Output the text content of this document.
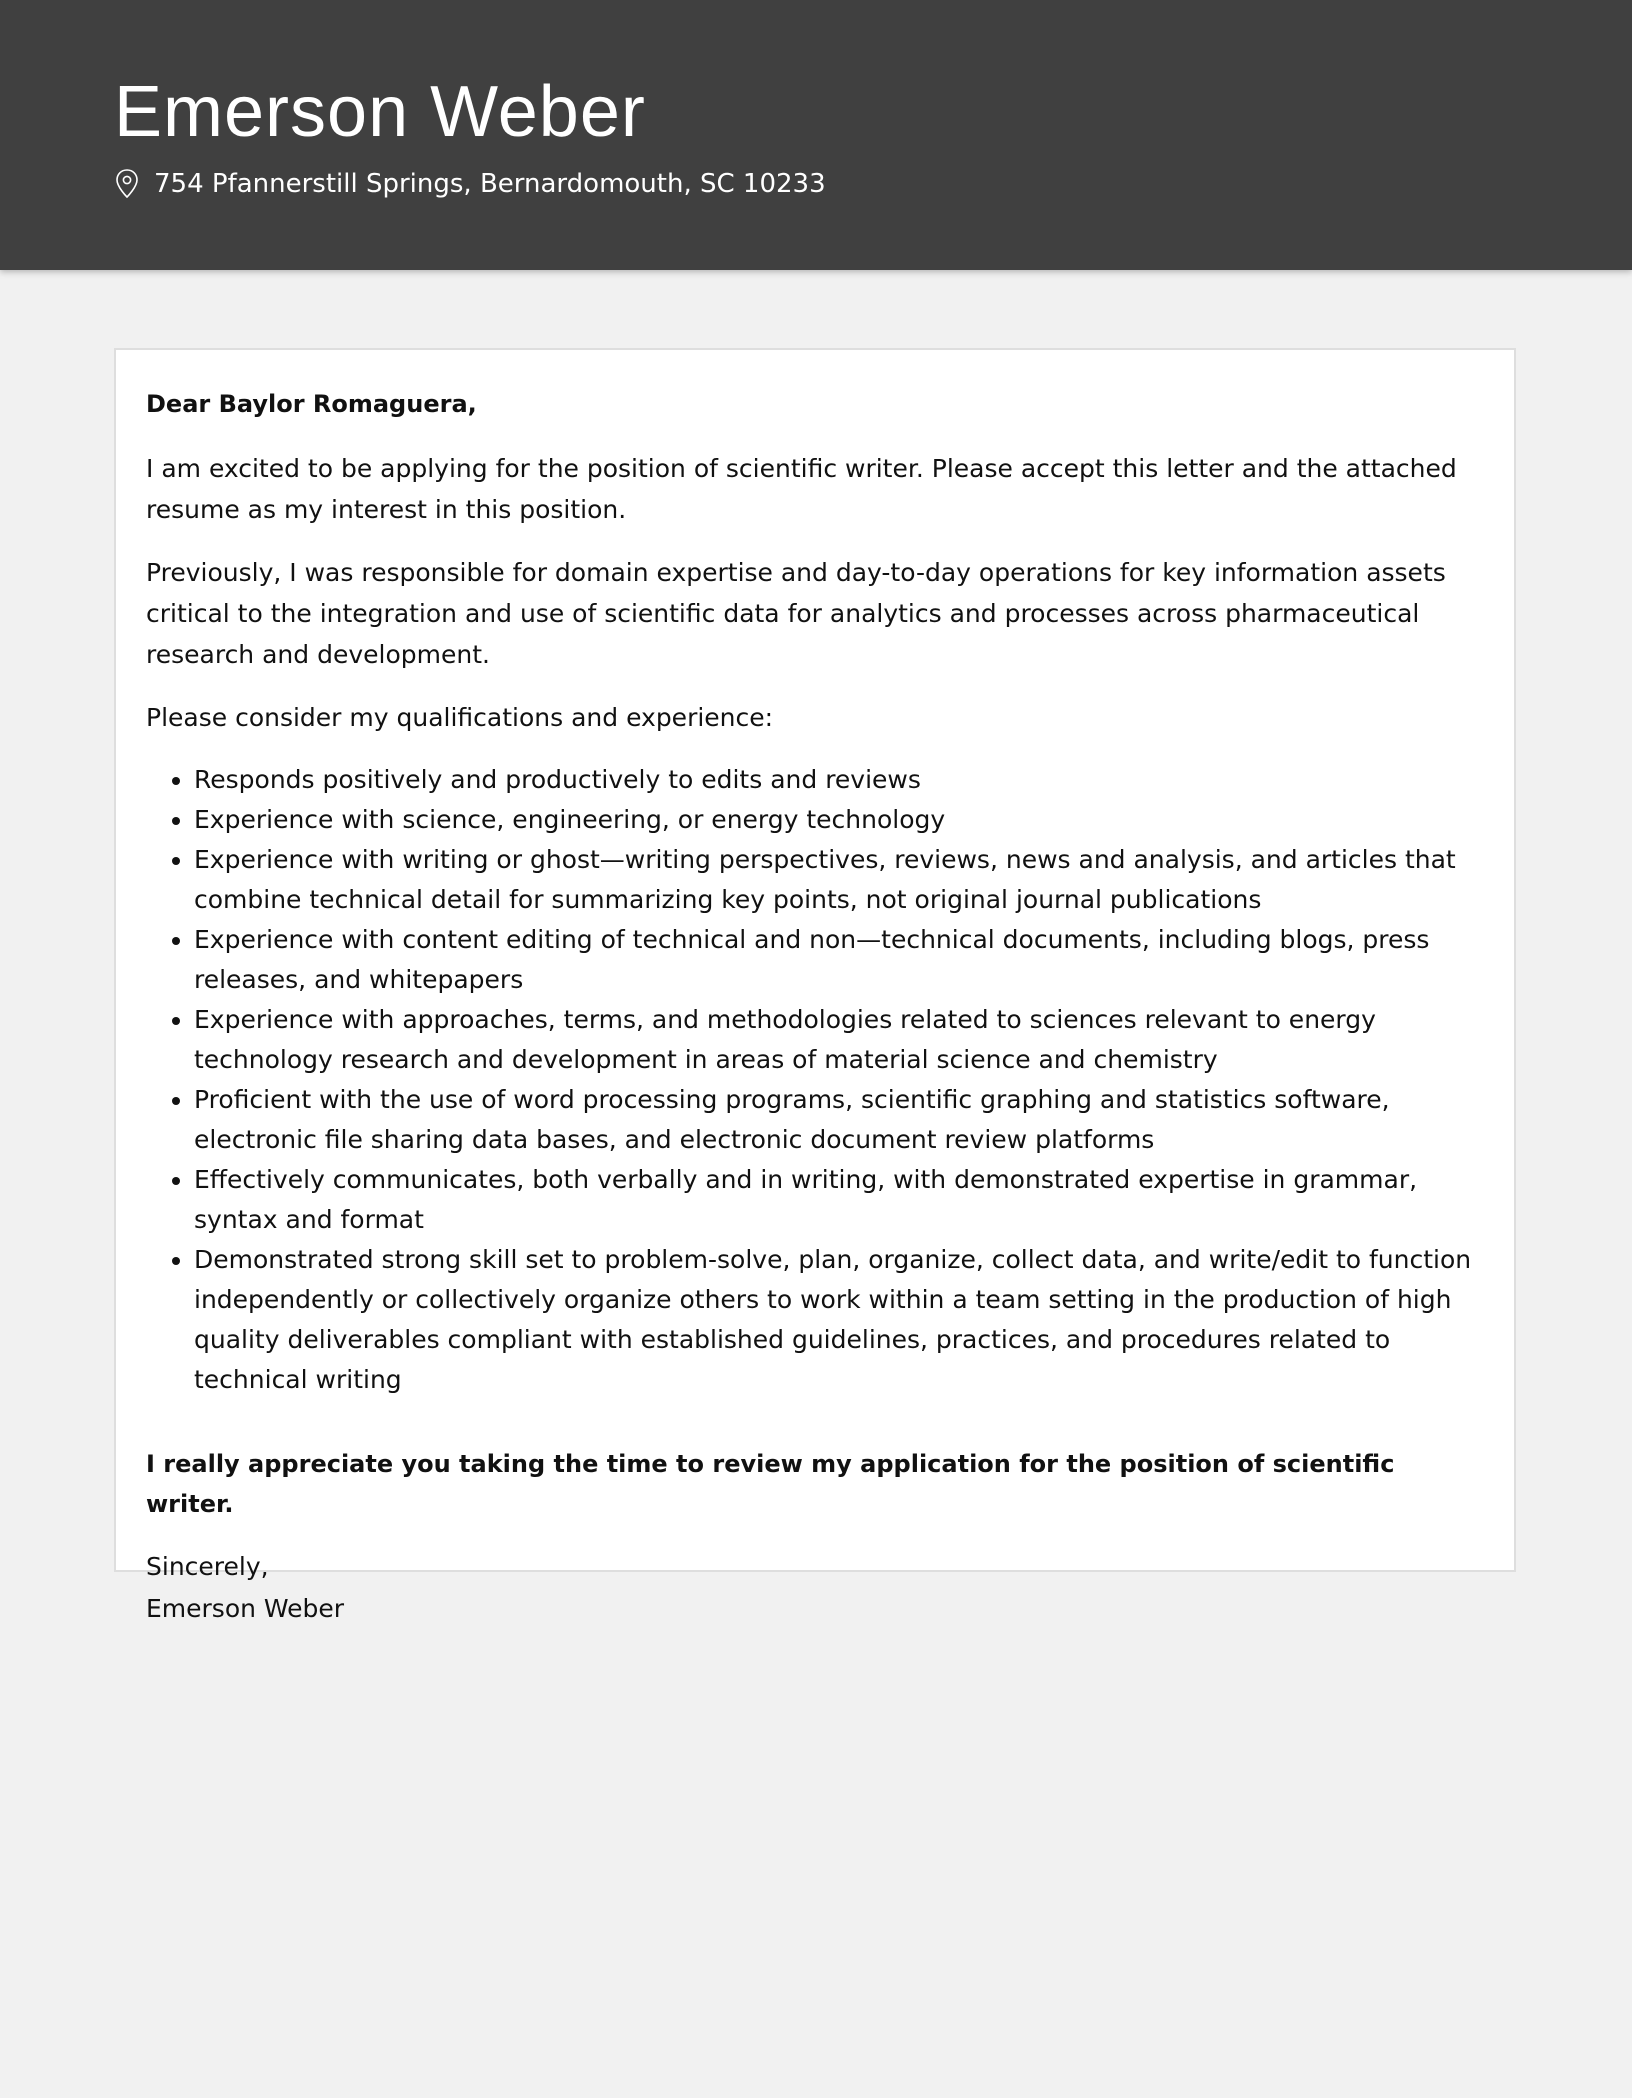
Emerson Weber
754 Pfannerstill Springs, Bernardomouth, SC 10233

Dear Baylor Romaguera,

I am excited to be applying for the position of scientific writer. Please accept this letter and the attached resume as my interest in this position.

Previously, I was responsible for domain expertise and day-to-day operations for key information assets critical to the integration and use of scientific data for analytics and processes across pharmaceutical research and development.

Please consider my qualifications and experience:

• Responds positively and productively to edits and reviews
• Experience with science, engineering, or energy technology
• Experience with writing or ghost—writing perspectives, reviews, news and analysis, and articles that combine technical detail for summarizing key points, not original journal publications
• Experience with content editing of technical and non—technical documents, including blogs, press releases, and whitepapers
• Experience with approaches, terms, and methodologies related to sciences relevant to energy technology research and development in areas of material science and chemistry
• Proficient with the use of word processing programs, scientific graphing and statistics software, electronic file sharing data bases, and electronic document review platforms
• Effectively communicates, both verbally and in writing, with demonstrated expertise in grammar, syntax and format
• Demonstrated strong skill set to problem-solve, plan, organize, collect data, and write/edit to function independently or collectively organize others to work within a team setting in the production of high quality deliverables compliant with established guidelines, practices, and procedures related to technical writing

I really appreciate you taking the time to review my application for the position of scientific writer.

Sincerely,

Emerson Weber
